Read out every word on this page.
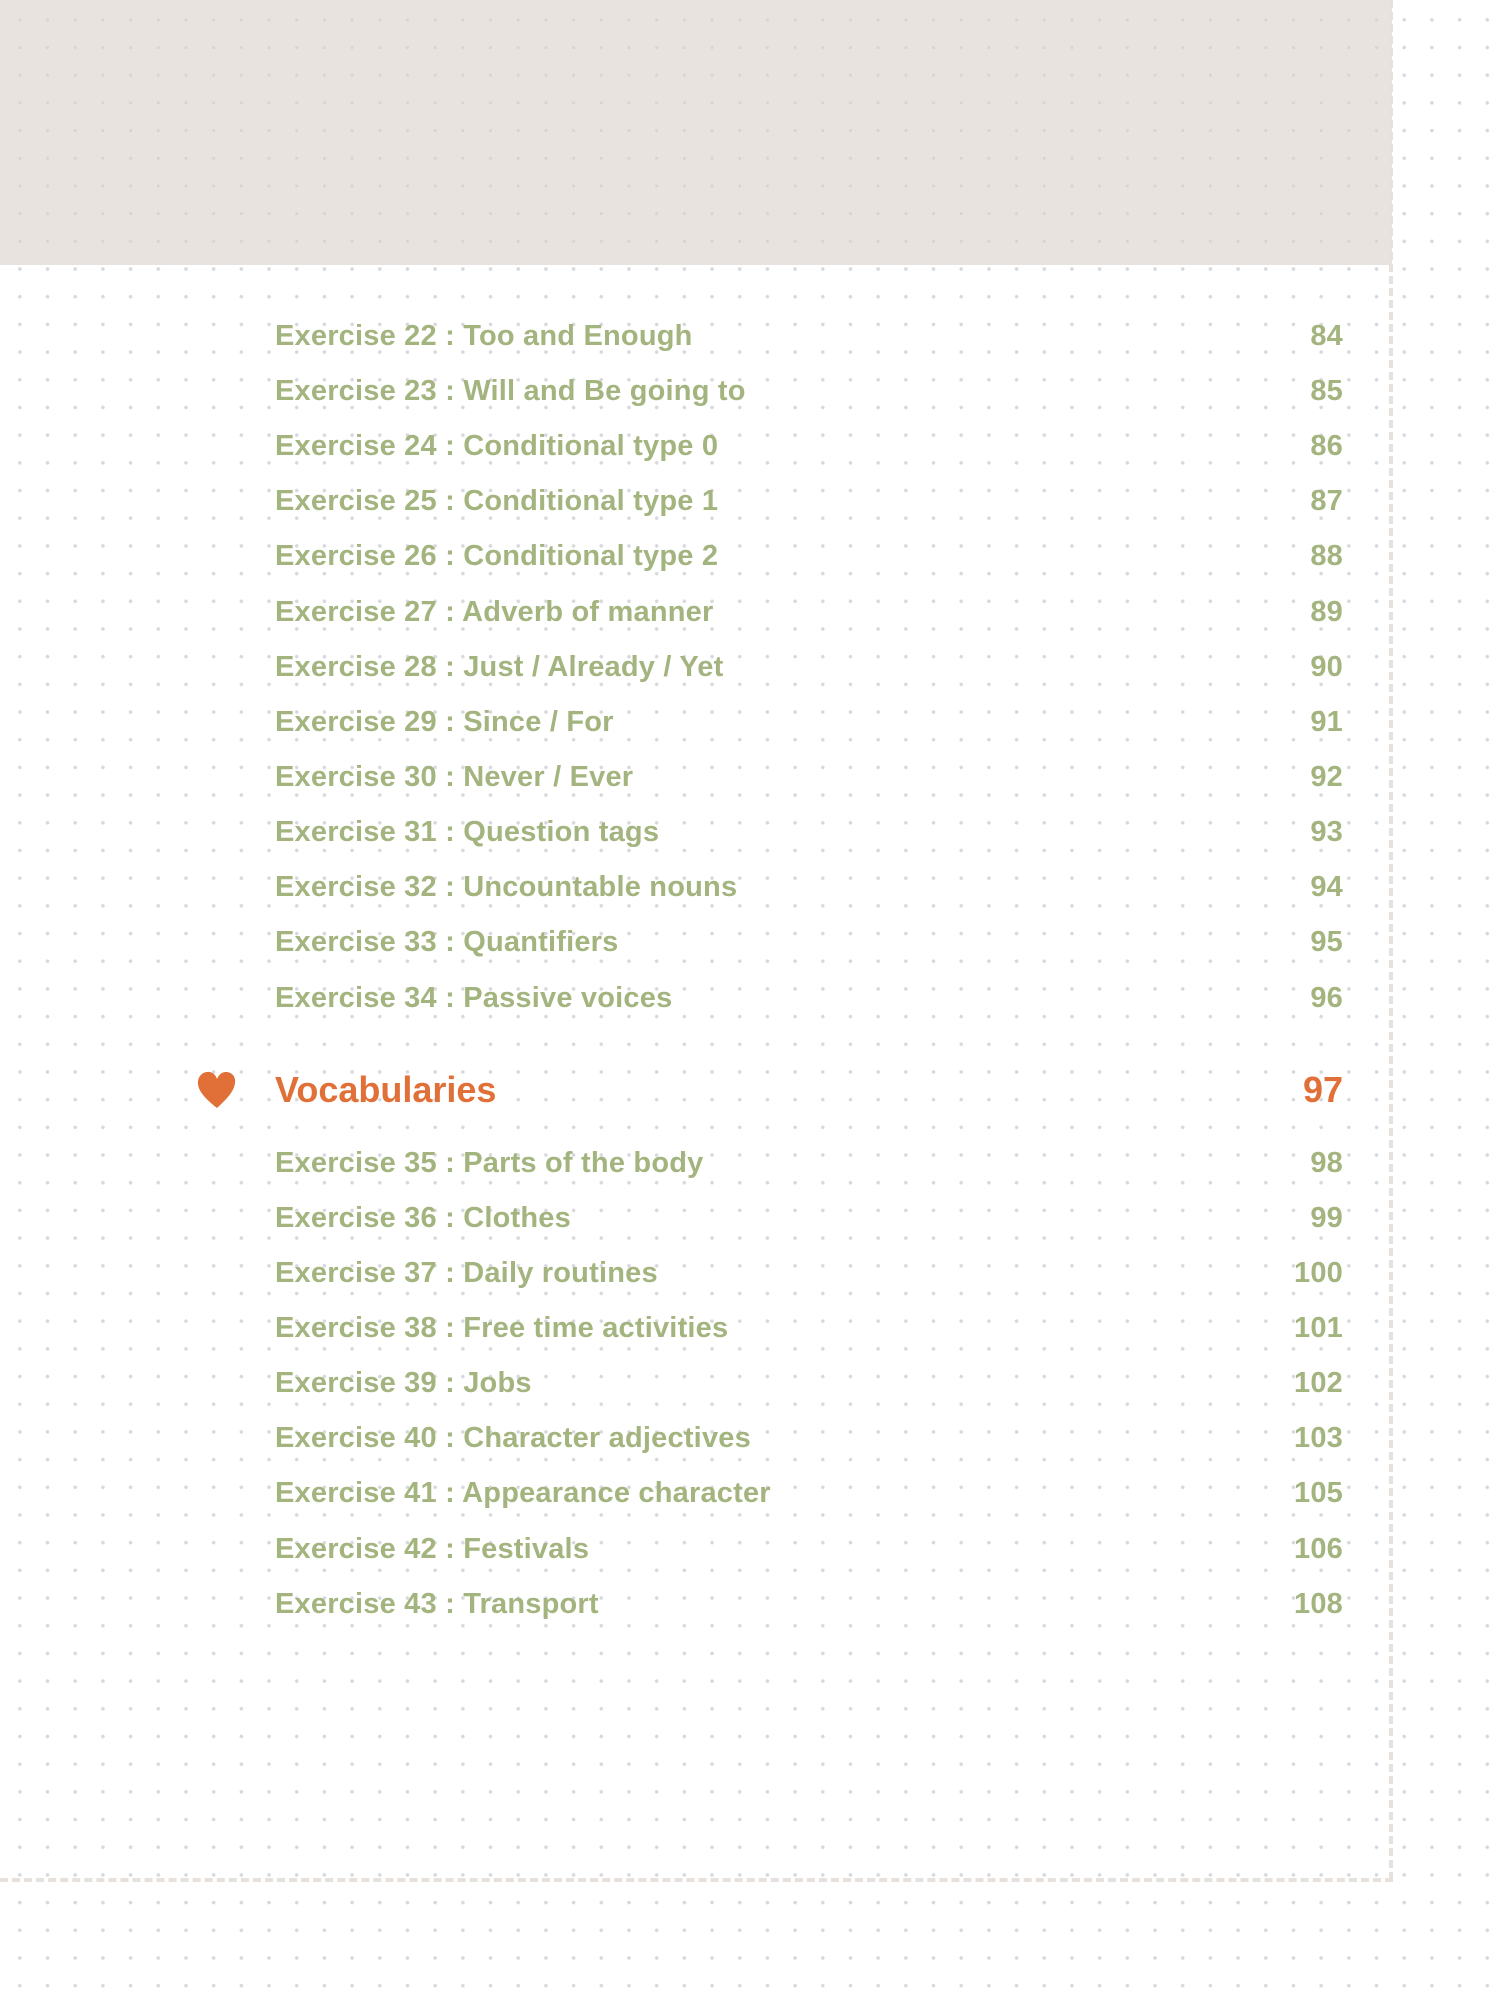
Exercise 22 : Too and Enough	84
Exercise 23 : Will and Be going to	85
Exercise 24 : Conditional type 0	86
Exercise 25 : Conditional type 1	87
Exercise 26 : Conditional type 2	88
Exercise 27 : Adverb of manner	89
Exercise 28 : Just / Already / Yet	90
Exercise 29 : Since / For	91
Exercise 30 : Never / Ever	92
Exercise 31 : Question tags	93
Exercise 32 : Uncountable nouns	94
Exercise 33 : Quantifiers	95
Exercise 34 : Passive voices	96
Vocabularies	97
Exercise 35 : Parts of the body	98
Exercise 36 : Clothes	99
Exercise 37 : Daily routines	100
Exercise 38 : Free time activities	101
Exercise 39 : Jobs	102
Exercise 40 : Character adjectives	103
Exercise 41 : Appearance character	105
Exercise 42 : Festivals	106
Exercise 43 : Transport	108
